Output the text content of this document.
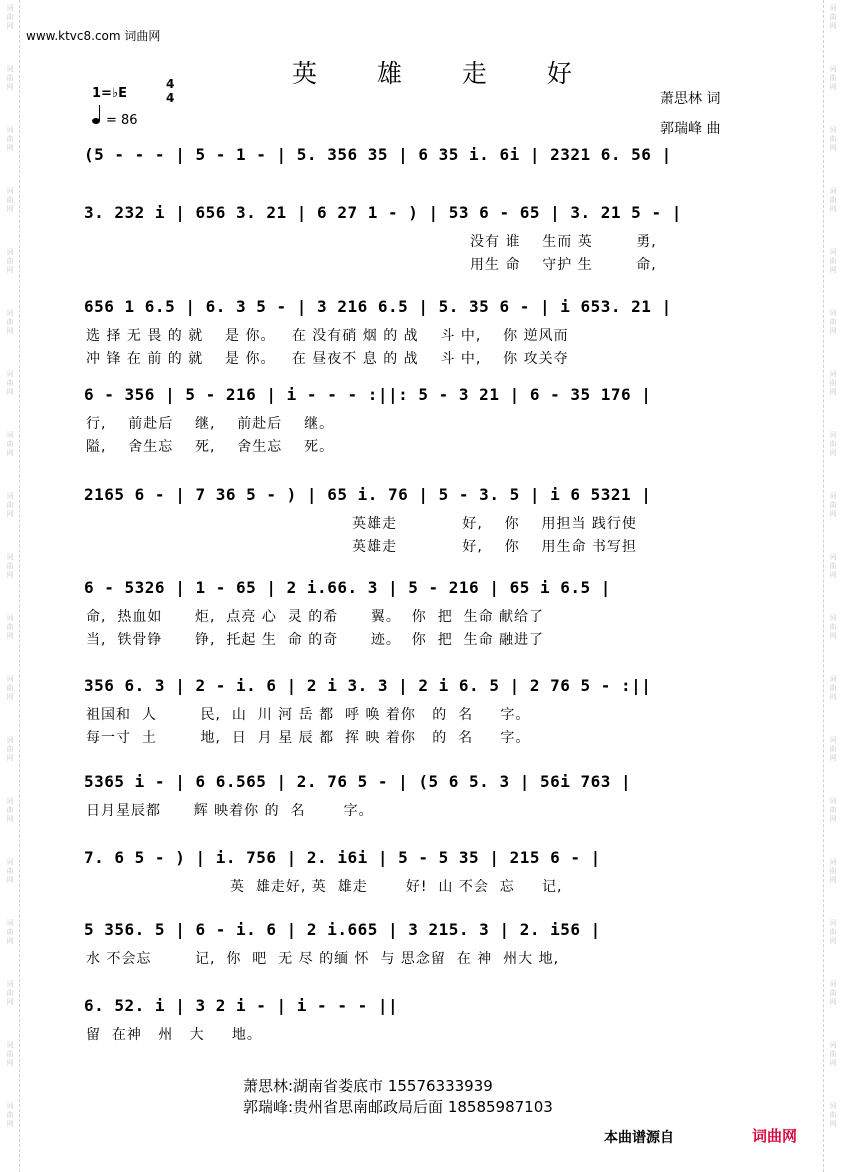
词
曲
网
词
曲
网
词
曲
网
词
曲
网
词
曲
网
词
曲
网
词
曲
网
词
曲
网
词
曲
网
词
曲
网
词
曲
网
词
曲
网
词
曲
网
词
曲
网
词
曲
网
词
曲
网
词
曲
网
词
曲
网
词
曲
网
词
曲
网
词
曲
网
词
曲
网
词
曲
网
词
曲
网
词
曲
网
词
曲
网
词
曲
网
词
曲
网
词
曲
网
词
曲
网
词
曲
网
词
曲
网
词
曲
网
词
曲
网
词
曲
网
词
曲
网
词
曲
网
词
曲
网
www.ktvc8.com 词曲网
英 雄 走 好
1=♭E
4
4
= 86
萧思林 词
郭瑞峰 曲
(5 - - - | 5 - 1 - | 5. 356 35 | 6 35 i. 6i | 2321 6. 56 |
3. 232 i | 656 3. 21 | 6 27 1 - ) | 53 6 - 65 | 3. 21 5 - |
没有 谁    生而 英        勇,
用生 命    守护 生        命,
656 1 6.5 | 6. 3 5 - | 3 216 6.5 | 5. 35 6 - | i 653. 21 |
选 择 无 畏 的 就    是 你。   在 没有硝 烟 的 战    斗 中,    你 逆风而
冲 锋 在 前 的 就    是 你。   在 昼夜不 息 的 战    斗 中,    你 攻关夺
6 - 356 | 5 - 216 | i - - - :||: 5 - 3 21 | 6 - 35 176 |
行,    前赴后    继,    前赴后    继。
隘,    舍生忘    死,    舍生忘    死。
2165 6 - | 7 36 5 - ) | 65 i. 76 | 5 - 3. 5 | i 6 5321 |
英雄走            好,    你    用担当 践行使
英雄走            好,    你    用生命 书写担
6 - 5326 | 1 - 65 | 2 i.66. 3 | 5 - 216 | 65 i 6.5 |
命,  热血如      炬,  点亮 心  灵 的希      翼。  你  把  生命 献给了
当,  铁骨铮      铮,  托起 生  命 的奇      迹。  你  把  生命 融进了
356 6. 3 | 2 - i. 6 | 2 i 3. 3 | 2 i 6. 5 | 2 76 5 - :||
祖国和  人        民,  山  川 河 岳 都  呼 唤 着你   的  名     字。
每一寸  土        地,  日  月 星 辰 都  挥 映 着你   的  名     字。
5365 i - | 6 6.565 | 2. 76 5 - | (5 6 5. 3 | 56i 763 |
日月星辰都      辉 映着你 的  名       字。
7. 6 5 - ) | i. 756 | 2. i6i | 5 - 5 35 | 215 6 - |
英  雄走好, 英  雄走       好!  山 不会  忘     记,
5 356. 5 | 6 - i. 6 | 2 i.665 | 3 215. 3 | 2. i56 |
水 不会忘        记,  你  吧  无 尽 的缅 怀  与 思念留  在 神  州大 地,
6. 52. i | 3 2 i - | i - - - ||
留  在神   州   大     地。
萧思林:湖南省娄底市 15576333939
郭瑞峰:贵州省思南邮政局后面 18585987103
本曲谱源自	词曲网
